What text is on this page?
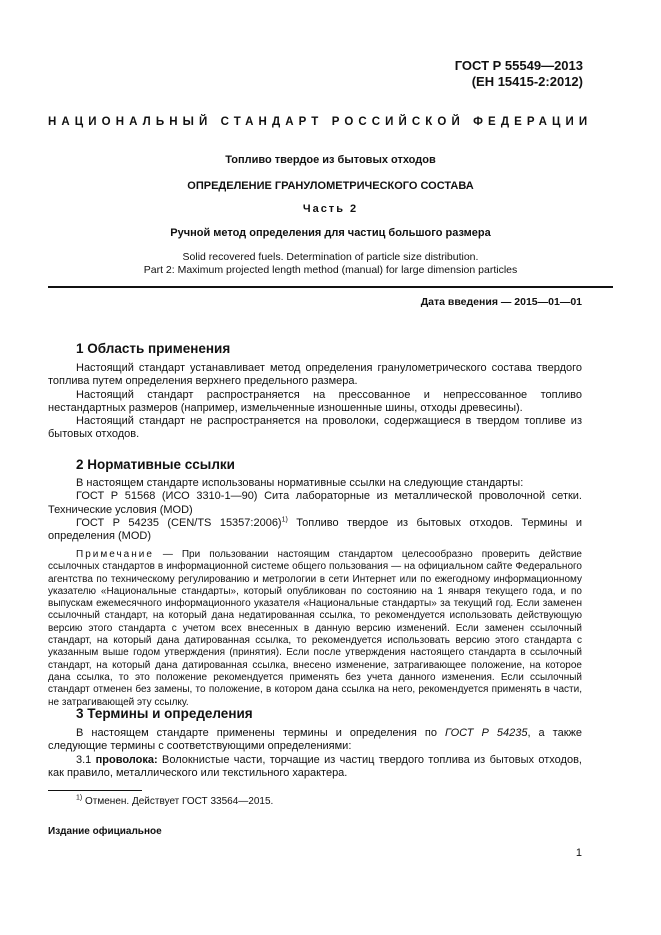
ГОСТ Р 55549—2013
(ЕН 15415-2:2012)
НАЦИОНАЛЬНЫЙ СТАНДАРТ РОССИЙСКОЙ ФЕДЕРАЦИИ
Топливо твердое из бытовых отходов
ОПРЕДЕЛЕНИЕ ГРАНУЛОМЕТРИЧЕСКОГО СОСТАВА
Часть 2
Ручной метод определения для частиц большого размера
Solid recovered fuels. Determination of particle size distribution.
Part 2: Maximum projected length method (manual) for large dimension particles
Дата введения — 2015—01—01
1 Область применения

Настоящий стандарт устанавливает метод определения гранулометрического состава твердого топлива путем определения верхнего предельного размера.

Настоящий стандарт распространяется на прессованное и непрессованное топливо нестандартных размеров (например, измельченные изношенные шины, отходы древесины).

Настоящий стандарт не распространяется на проволоки, содержащиеся в твердом топливе из бытовых отходов.

2 Нормативные ссылки

В настоящем стандарте использованы нормативные ссылки на следующие стандарты:

ГОСТ Р 51568 (ИСО 3310-1—90) Сита лабораторные из металлической проволочной сетки. Технические условия (MOD)

ГОСТ Р 54235 (CEN/TS 15357:2006)$^{1)}$ Топливо твердое из бытовых отходов. Термины и определения (MOD)

Примечание — При пользовании настоящим стандартом целесообразно проверить действие ссылочных стандартов в информационной системе общего пользования — на официальном сайте Федерального агентства по техническому регулированию и метрологии в сети Интернет или по ежегодному информационному указателю «Национальные стандарты», который опубликован по состоянию на 1 января текущего года, и по выпускам ежемесячного информационного указателя «Национальные стандарты» за текущий год. Если заменен ссылочный стандарт, на который дана недатированная ссылка, то рекомендуется использовать действующую версию этого стандарта с учетом всех внесенных в данную версию изменений. Если заменен ссылочный стандарт, на который дана датированная ссылка, то рекомендуется использовать версию этого стандарта с указанным выше годом утверждения (принятия). Если после утверждения настоящего стандарта в ссылочный стандарт, на который дана датированная ссылка, внесено изменение, затрагивающее положение, на которое дана ссылка, то это положение рекомендуется применять без учета данного изменения. Если ссылочный стандарт отменен без замены, то положение, в котором дана ссылка на него, рекомендуется применять в части, не затрагивающей эту ссылку.

3 Термины и определения

В настоящем стандарте применены термины и определения по ГОСТ Р 54235, а также следующие термины с соответствующими определениями:

3.1 проволока: Волокнистые части, торчащие из частиц твердого топлива из бытовых отходов, как правило, металлического или текстильного характера.

$^{1)}$ Отменен. Действует ГОСТ 33564—2015.
Издание официальное
1
